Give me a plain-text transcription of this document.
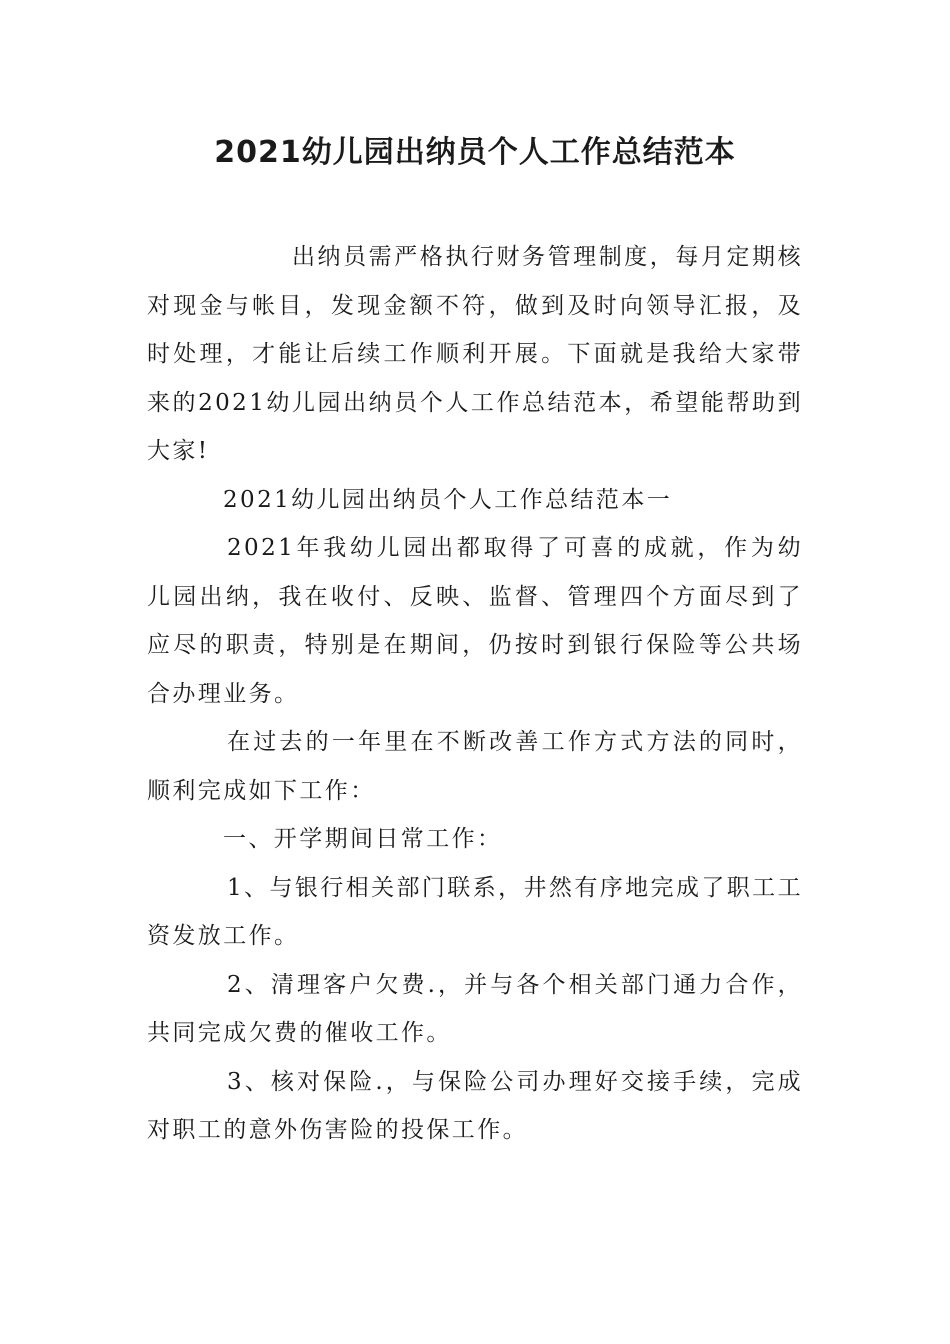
2021幼儿园出纳员个人工作总结范本

出纳员需严格执行财务管理制度，每月定期核对现金与帐目，发现金额不符，做到及时向领导汇报，及时处理，才能让后续工作顺利开展。下面就是我给大家带来的2021幼儿园出纳员个人工作总结范本，希望能帮助到大家!

2021幼儿园出纳员个人工作总结范本一

2021年我幼儿园出都取得了可喜的成就，作为幼儿园出纳，我在收付、反映、监督、管理四个方面尽到了应尽的职责，特别是在期间，仍按时到银行保险等公共场合办理业务。

在过去的一年里在不断改善工作方式方法的同时，顺利完成如下工作：

一、开学期间日常工作：

1、与银行相关部门联系，井然有序地完成了职工工资发放工作。

2、清理客户欠费.，并与各个相关部门通力合作，共同完成欠费的催收工作。

3、核对保险.，与保险公司办理好交接手续，完成对职工的意外伤害险的投保工作。
